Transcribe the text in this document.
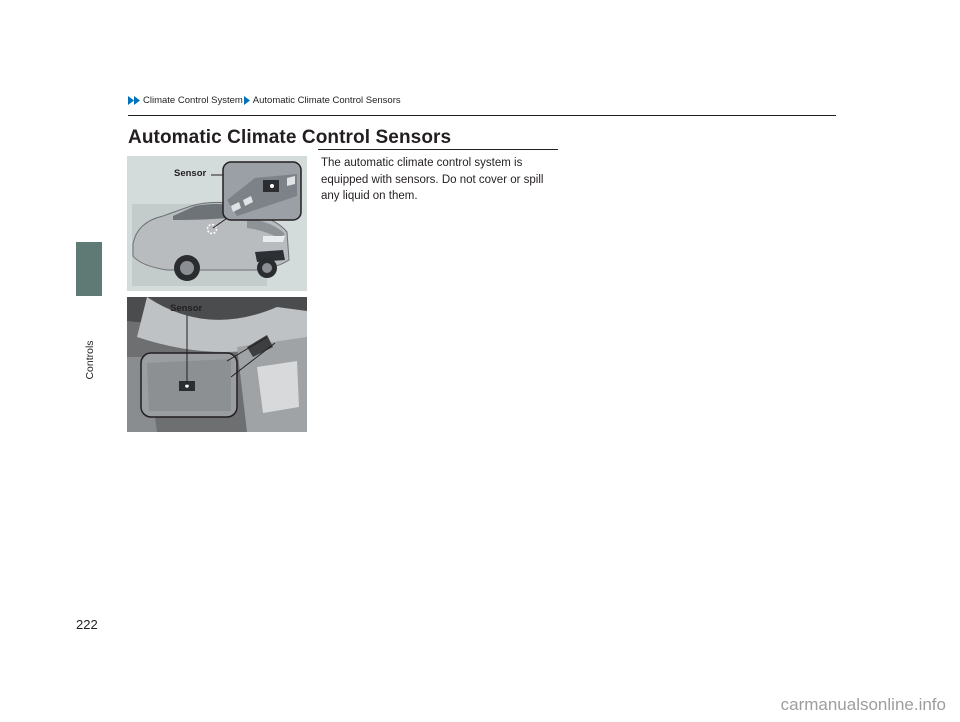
Climate Control System Automatic Climate Control Sensors
Controls
Automatic Climate Control Sensors

The automatic climate control system is equipped with sensors. Do not cover or spill any liquid on them.

Sensor
Sensor
222
carmanualsonline.info
